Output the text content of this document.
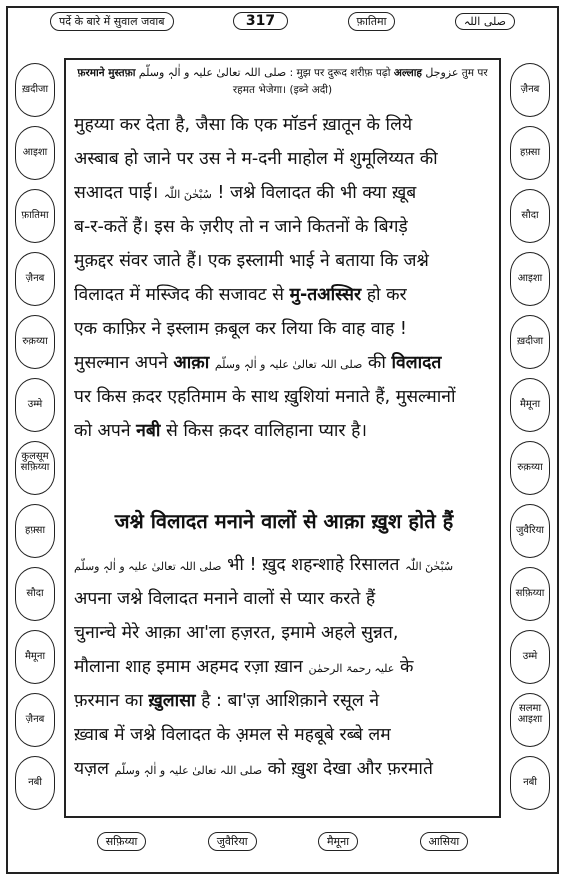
पर्दे के बारे में सुवाल जवाब	317	फ़ातिमा	صلی اللہ
फ़रमाने मुस्तफ़ा صلی اللہ تعالیٰ علیہ و اٰلہٖ وسلّم : मुझ पर दुरूद शरीफ़ पढ़ो अल्लाह عزوجل तुम पर रहमत भेजेगा। (इब्ने अदी)
मुहय्या कर देता है, जैसा कि एक मॉडर्न ख़ातून के लिये
अस्बाब हो जाने पर उस ने म-दनी माहोल में शुमूलिय्यत की
सआदत पाई। سُبْحٰنَ اللّٰہ ! जश्ने विलादत की भी क्या ख़ूब
ब-र-कतें हैं। इस के ज़रीए तो न जाने कितनों के बिगड़े
मुक़द्दर संवर जाते हैं। एक इस्लामी भाई ने बताया कि जश्ने
विलादत में मस्जिद की सजावट से मु-तअस्सिर हो कर
एक काफ़िर ने इस्लाम क़बूल कर लिया कि वाह वाह !
मुसल्मान अपने आक़ा صلی اللہ تعالیٰ علیہ و اٰلہٖ وسلّم की विलादत
पर किस क़दर एहतिमाम के साथ ख़ुशियां मनाते हैं, मुसल्मानों
को अपने नबी से किस क़दर वालिहाना प्यार है।
जश्ने विलादत मनाने वालों से आक़ा ख़ुश होते हैं
صلی اللہ تعالیٰ علیہ و اٰلہٖ وسلّم भी ! ख़ुद शहन्शाहे रिसालत سُبْحٰنَ اللّٰہ
अपना जश्ने विलादत मनाने वालों से प्यार करते हैं
चुनान्चे मेरे आक़ा आ'ला हज़रत, इमामे अहले सुन्नत,
मौलाना शाह इमाम अहमद रज़ा ख़ान علیہ رحمۃ الرحمٰن के
फ़रमान का ख़ुलासा है : बा'ज़ आशिक़ाने रसूल ने
ख़्वाब में जश्ने विलादत के अ़मल से महबूबे रब्बे लम
यज़ल صلی اللہ تعالیٰ علیہ و اٰلہٖ وسلّم को ख़ुश देखा और फ़रमाते
ख़दीजा
आइशा
फ़ातिमा
ज़ैनब
रुक़य्या
उम्मे कुलसूम
सफ़िय्या
हफ़्सा
सौदा
मैमूना
ज़ैनब
नबी
ज़ैनब
हफ़्सा
सौदा
आइशा
ख़दीजा
मैमूना
रुक़य्या
जुवैरिया
सफ़िय्या
उम्मे सलमा
आइशा
नबी
सफ़िय्या	जुवैरिया	मैमूना	आसिया
